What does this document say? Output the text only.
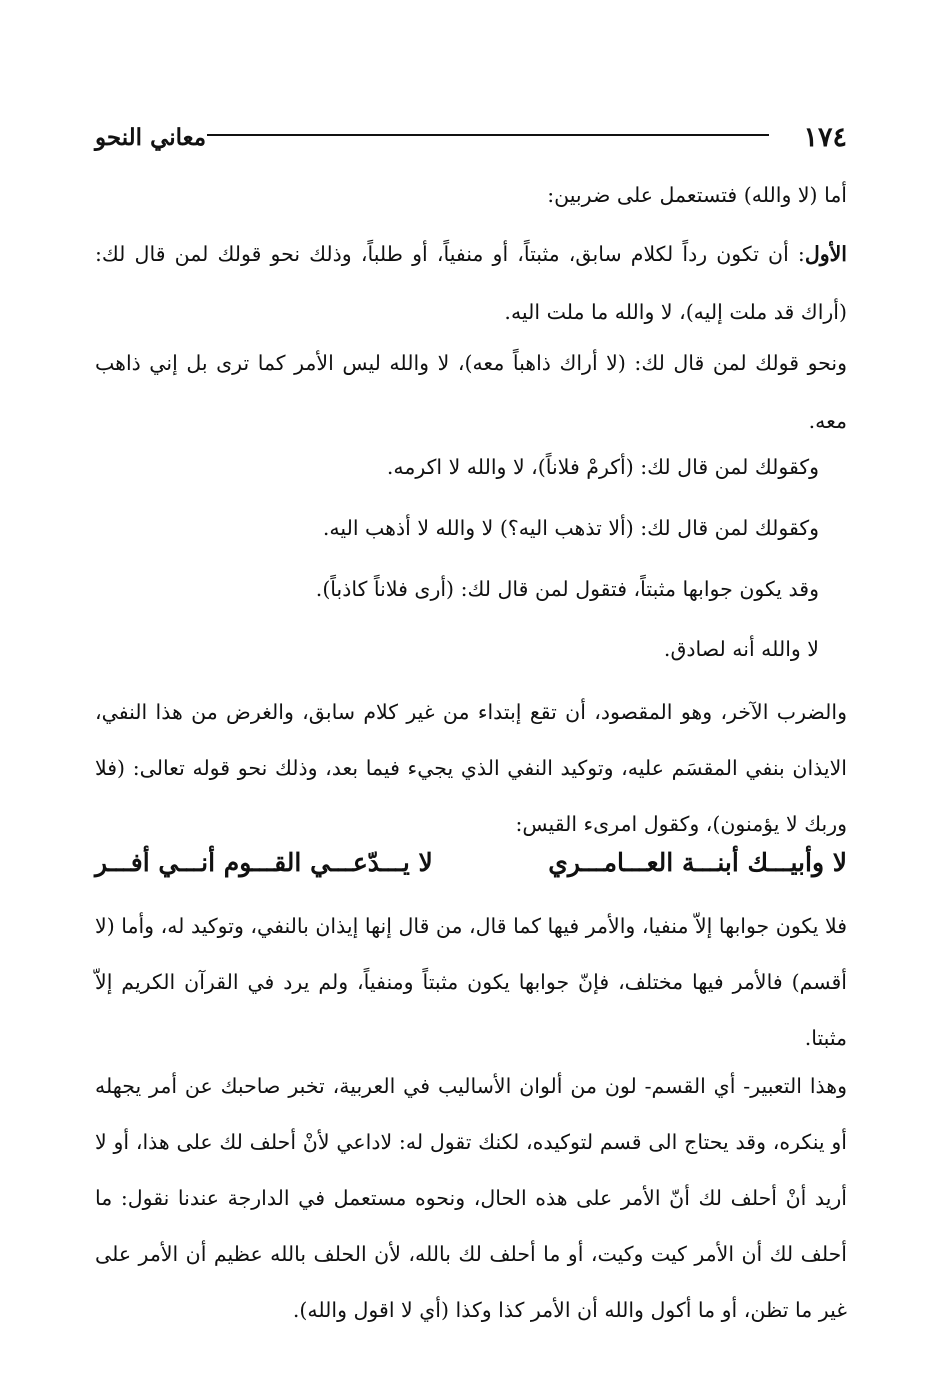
١٧٤
معاني النحو

أما (لا والله) فتستعمل على ضربين:

الأول: أن تكون رداً لكلام سابق، مثبتاً، أو منفياً، أو طلباً، وذلك نحو قولك لمن قال لك: (أراك قد ملت إليه)، لا والله ما ملت اليه.

ونحو قولك لمن قال لك: (لا أراك ذاهباً معه)، لا والله ليس الأمر كما ترى بل إني ذاهب معه.

وكقولك لمن قال لك: (أكرمْ فلاناً)، لا والله لا اكرمه.

وكقولك لمن قال لك: (ألا تذهب اليه؟) لا والله لا أذهب اليه.

وقد يكون جوابها مثبتاً، فتقول لمن قال لك: (أرى فلاناً كاذباً).

لا والله أنه لصادق.

والضرب الآخر، وهو المقصود، أن تقع إبتداء من غير كلام سابق، والغرض من هذا النفي، الايذان بنفي المقسَم عليه، وتوكيد النفي الذي يجيء فيما بعد، وذلك نحو قوله تعالى: (فلا وربك لا يؤمنون)، وكقول امرىء القيس:

لا وأبيـــك أبنـــة العـــامـــري
لا يـــدّعـــي القـــوم أنـــي أفـــر

فلا يكون جوابها إلاّ منفيا، والأمر فيها كما قال، من قال إنها إيذان بالنفي، وتوكيد له، وأما (لا أقسم) فالأمر فيها مختلف، فإنّ جوابها يكون مثبتاً ومنفياً، ولم يرد في القرآن الكريم إلاّ مثبتا.

وهذا التعبير- أي القسم- لون من ألوان الأساليب في العربية، تخبر صاحبك عن أمر يجهله أو ينكره، وقد يحتاج الى قسم لتوكيده، لكنك تقول له: لاداعي لأنْ أحلف لك على هذا، أو لا أريد أنْ أحلف لك أنّ الأمر على هذه الحال، ونحوه مستعمل في الدارجة عندنا نقول: ما أحلف لك أن الأمر كيت وكيت، أو ما أحلف لك بالله، لأن الحلف بالله عظيم أن الأمر على غير ما تظن، أو ما أكول والله أن الأمر كذا وكذا (أي لا اقول والله).
